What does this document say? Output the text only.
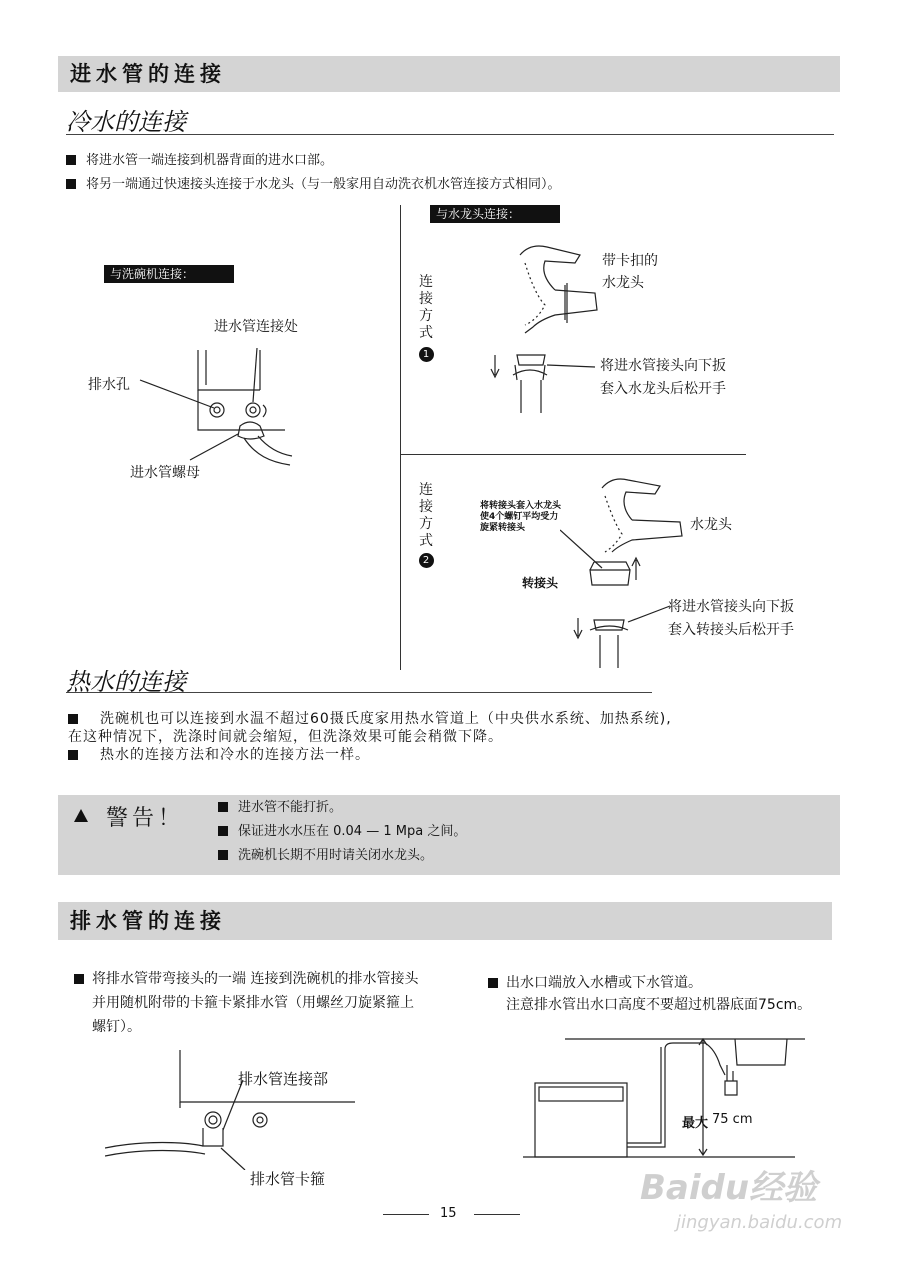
进水管的连接
冷水的连接
将进水管一端连接到机器背面的进水口部。
将另一端通过快速接头连接于水龙头（与一般家用自动洗衣机水管连接方式相同）。
与洗碗机连接：
进水管连接处
排水孔
进水管螺母
与水龙头连接：
连接方式
1
带卡扣的
水龙头
将进水管接头向下扳
套入水龙头后松开手
连接方式
2
将转接头套入水龙头
使4个螺钉平均受力
旋紧转接头	水龙头
转接头
将进水管接头向下扳
套入转接头后松开手
热水的连接
洗碗机也可以连接到水温不超过60摄氏度家用热水管道上（中央供水系统、加热系统),
在这种情况下，洗涤时间就会缩短，但洗涤效果可能会稍微下降。
热水的连接方法和冷水的连接方法一样。
警告！	进水管不能打折。
保证进水水压在 0.04 — 1 Mpa 之间。
洗碗机长期不用时请关闭水龙头。
排水管的连接
将排水管带弯接头的一端 连接到洗碗机的排水管接头
并用随机附带的卡箍卡紧排水管（用螺丝刀旋紧箍上
螺钉）。
出水口端放入水槽或下水管道。
注意排水管出水口高度不要超过机器底面75cm。
排水管连接部
排水管卡箍
最大 75 cm
15
Baidu经验
jingyan.baidu.com
